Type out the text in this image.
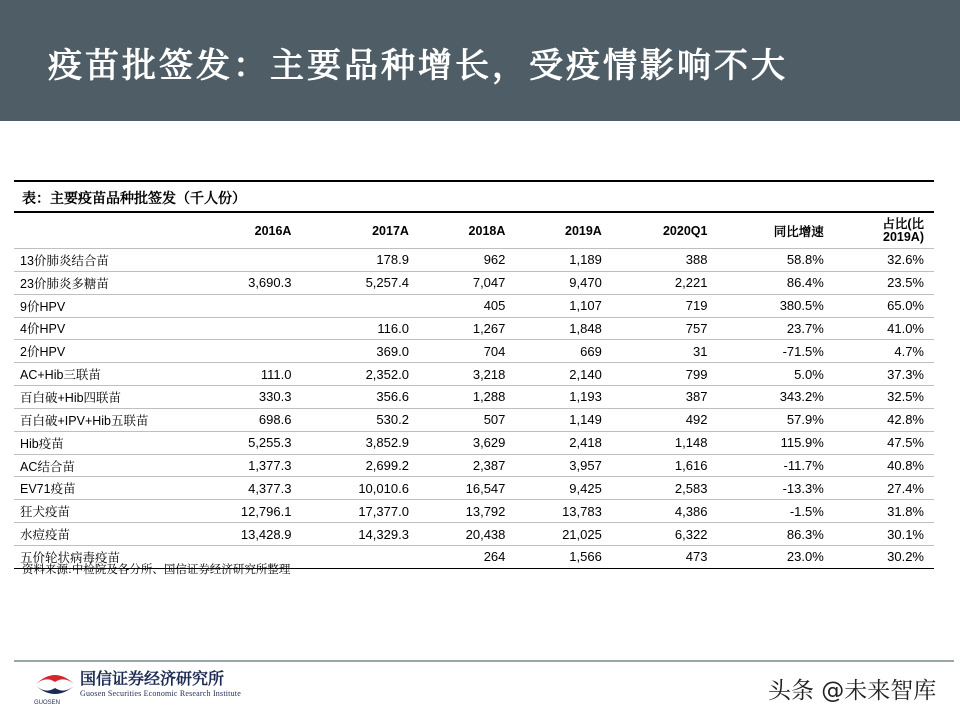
疫苗批签发：主要品种增长，受疫情影响不大
表：主要疫苗品种批签发（千人份）
	2016A	2017A	2018A	2019A	2020Q1	同比增速	占比(比
2019A)
13价肺炎结合苗		178.9	962	1,189	388	58.8%	32.6%
23价肺炎多糖苗	3,690.3	5,257.4	7,047	9,470	2,221	86.4%	23.5%
9价HPV			405	1,107	719	380.5%	65.0%
4价HPV		116.0	1,267	1,848	757	23.7%	41.0%
2价HPV		369.0	704	669	31	-71.5%	4.7%
AC+Hib三联苗	111.0	2,352.0	3,218	2,140	799	5.0%	37.3%
百白破+Hib四联苗	330.3	356.6	1,288	1,193	387	343.2%	32.5%
百白破+IPV+Hib五联苗	698.6	530.2	507	1,149	492	57.9%	42.8%
Hib疫苗	5,255.3	3,852.9	3,629	2,418	1,148	115.9%	47.5%
AC结合苗	1,377.3	2,699.2	2,387	3,957	1,616	-11.7%	40.8%
EV71疫苗	4,377.3	10,010.6	16,547	9,425	2,583	-13.3%	27.4%
狂犬疫苗	12,796.1	17,377.0	13,792	13,783	4,386	-1.5%	31.8%
水痘疫苗	13,428.9	14,329.3	20,438	21,025	6,322	86.3%	30.1%
五价轮状病毒疫苗			264	1,566	473	23.0%	30.2%
资料来源:中检院及各分所、国信证券经济研究所整理
GUOSEN
国信证券经济研究所
Guosen Securities Economic Research Institute	头条 @未来智库
